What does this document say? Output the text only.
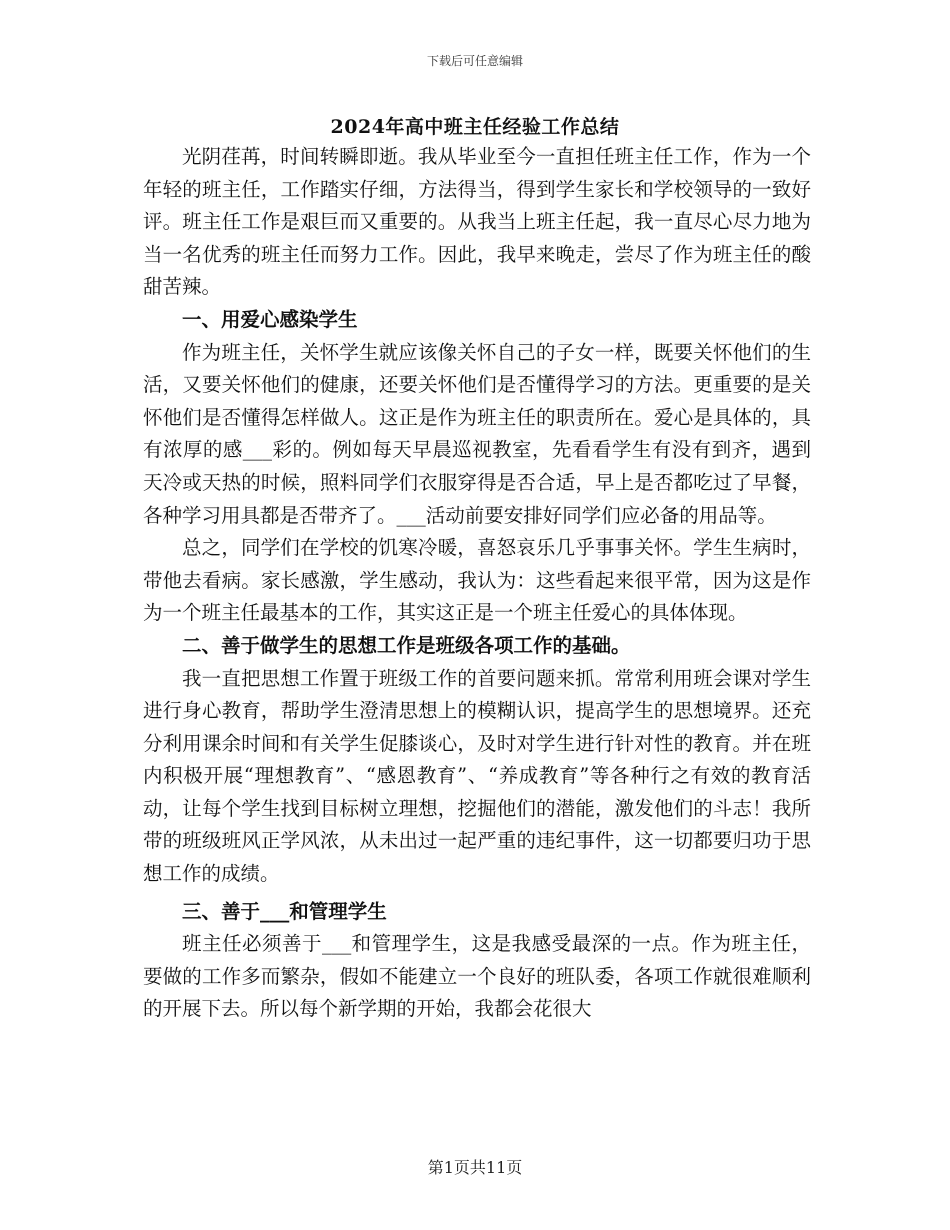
下载后可任意编辑
2024年高中班主任经验工作总结

光阴荏苒，时间转瞬即逝。我从毕业至今一直担任班主任工作，作为一个年轻的班主任，工作踏实仔细，方法得当，得到学生家长和学校领导的一致好评。班主任工作是艰巨而又重要的。从我当上班主任起，我一直尽心尽力地为当一名优秀的班主任而努力工作。因此，我早来晚走，尝尽了作为班主任的酸甜苦辣。

一、用爱心感染学生

作为班主任，关怀学生就应该像关怀自己的子女一样，既要关怀他们的生活，又要关怀他们的健康，还要关怀他们是否懂得学习的方法。更重要的是关怀他们是否懂得怎样做人。这正是作为班主任的职责所在。爱心是具体的，具有浓厚的感___彩的。例如每天早晨巡视教室，先看看学生有没有到齐，遇到天冷或天热的时候，照料同学们衣服穿得是否合适，早上是否都吃过了早餐，各种学习用具都是否带齐了。___活动前要安排好同学们应必备的用品等。

总之，同学们在学校的饥寒冷暖，喜怒哀乐几乎事事关怀。学生生病时，带他去看病。家长感激，学生感动，我认为：这些看起来很平常，因为这是作为一个班主任最基本的工作，其实这正是一个班主任爱心的具体体现。

二、善于做学生的思想工作是班级各项工作的基础。

我一直把思想工作置于班级工作的首要问题来抓。常常利用班会课对学生进行身心教育，帮助学生澄清思想上的模糊认识，提高学生的思想境界。还充分利用课余时间和有关学生促膝谈心，及时对学生进行针对性的教育。并在班内积极开展“理想教育”、“感恩教育”、“养成教育”等各种行之有效的教育活动，让每个学生找到目标树立理想，挖掘他们的潜能，激发他们的斗志！我所带的班级班风正学风浓，从未出过一起严重的违纪事件，这一切都要归功于思想工作的成绩。

三、善于___和管理学生

班主任必须善于___和管理学生，这是我感受最深的一点。作为班主任，要做的工作多而繁杂，假如不能建立一个良好的班队委，各项工作就很难顺利的开展下去。所以每个新学期的开始，我都会花很大

第1页共11页
